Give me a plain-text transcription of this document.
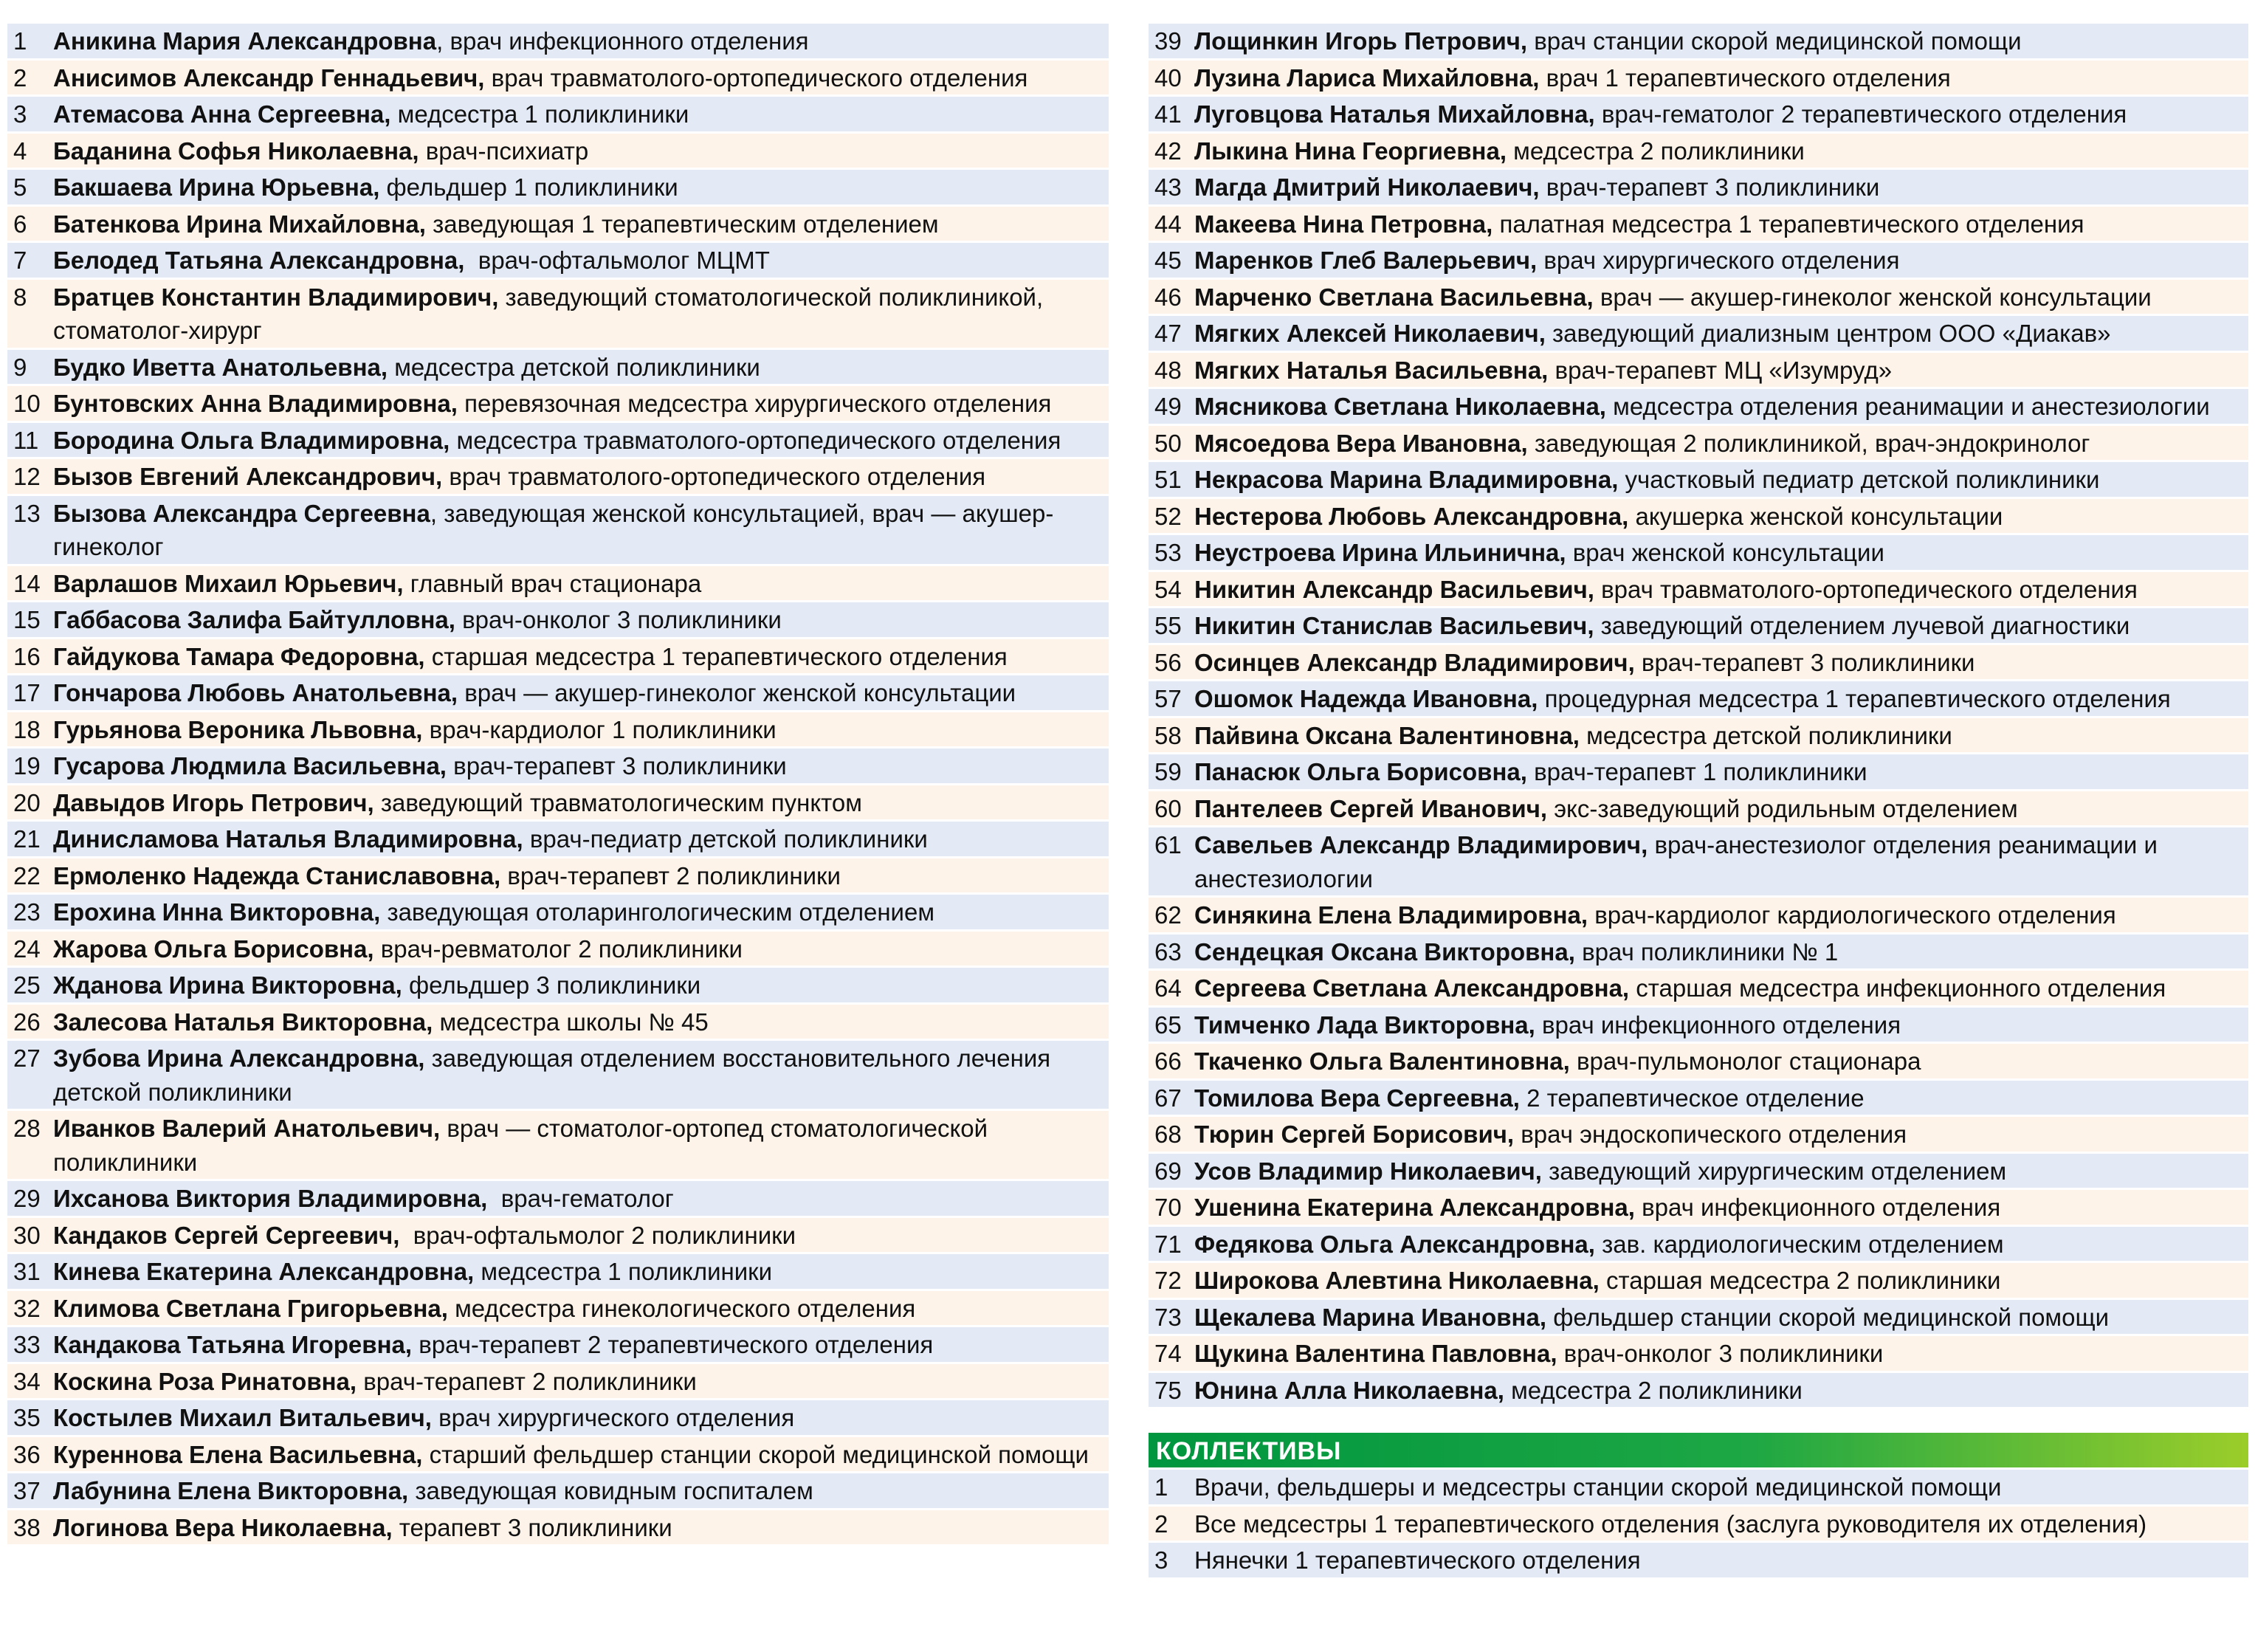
1	Аникина Мария Александровна, врач инфекционного отделения
2	Анисимов Александр Геннадьевич, врач травматолого-ортопедического отделения
3	Атемасова Анна Сергеевна, медсестра 1 поликлиники
4	Баданина Софья Николаевна, врач-психиатр
5	Бакшаева Ирина Юрьевна, фельдшер 1 поликлиники
6	Батенкова Ирина Михайловна, заведующая 1 терапевтическим отделением
7	Белодед Татьяна Александровна, врач-офтальмолог МЦМТ
8	Братцев Константин Владимирович, заведующий стоматологической поликлиникой, стоматолог-хирург
9	Будко Иветта Анатольевна, медсестра детской поликлиники
10 Бунтовских Анна Владимировна, перевязочная медсестра хирургического отделения
11 Бородина Ольга Владимировна, медсестра травматолого-ортопедического отделения
12 Бызов Евгений Александрович, врач травматолого-ортопедического отделения
13 Бызова Александра Сергеевна, заведующая женской консультацией, врач — акушер-гинеколог
14 Варлашов Михаил Юрьевич, главный врач стационара
15 Габбасова Залифа Байтулловна, врач-онколог 3 поликлиники
16 Гайдукова Тамара Федоровна, старшая медсестра 1 терапевтического отделения
17 Гончарова Любовь Анатольевна, врач — акушер-гинеколог женской консультации
18 Гурьянова Вероника Львовна, врач-кардиолог 1 поликлиники
19 Гусарова Людмила Васильевна, врач-терапевт 3 поликлиники
20 Давыдов Игорь Петрович, заведующий травматологическим пунктом
21 Динисламова Наталья Владимировна, врач-педиатр детской поликлиники
22 Ермоленко Надежда Станиславовна, врач-терапевт 2 поликлиники
23 Ерохина Инна Викторовна, заведующая отоларингологическим отделением
24 Жарова Ольга Борисовна, врач-ревматолог 2 поликлиники
25 Жданова Ирина Викторовна, фельдшер 3 поликлиники
26 Залесова Наталья Викторовна, медсестра школы № 45
27 Зубова Ирина Александровна, заведующая отделением восстановительного лечения детской поликлиники
28 Иванков Валерий Анатольевич, врач — стоматолог-ортопед стоматологической поликлиники
29 Ихсанова Виктория Владимировна, врач-гематолог
30 Кандаков Сергей Сергеевич, врач-офтальмолог 2 поликлиники
31 Кинева Екатерина Александровна, медсестра 1 поликлиники
32 Климова Светлана Григорьевна, медсестра гинекологического отделения
33 Кандакова Татьяна Игоревна, врач-терапевт 2 терапевтического отделения
34 Коскина Роза Ринатовна, врач-терапевт 2 поликлиники
35 Костылев Михаил Витальевич, врач хирургического отделения
36 Куреннова Елена Васильевна, старший фельдшер станции скорой медицинской помощи
37 Лабунина Елена Викторовна, заведующая ковидным госпиталем
38 Логинова Вера Николаевна, терапевт 3 поликлиники
39 Лощинкин Игорь Петрович, врач станции скорой медицинской помощи
40 Лузина Лариса Михайловна, врач 1 терапевтического отделения
41 Луговцова Наталья Михайловна, врач-гематолог 2 терапевтического отделения
42 Лыкина Нина Георгиевна, медсестра 2 поликлиники
43 Магда Дмитрий Николаевич, врач-терапевт 3 поликлиники
44 Макеева Нина Петровна, палатная медсестра 1 терапевтического отделения
45 Маренков Глеб Валерьевич, врач хирургического отделения
46 Марченко Светлана Васильевна, врач — акушер-гинеколог женской консультации
47 Мягких Алексей Николаевич, заведующий диализным центром ООО «Диакав»
48 Мягких Наталья Васильевна, врач-терапевт МЦ «Изумруд»
49 Мясникова Светлана Николаевна, медсестра отделения реанимации и анестезиологии
50 Мясоедова Вера Ивановна, заведующая 2 поликлиникой, врач-эндокринолог
51 Некрасова Марина Владимировна, участковый педиатр детской поликлиники
52 Нестерова Любовь Александровна, акушерка женской консультации
53 Неустроева Ирина Ильинична, врач женской консультации
54 Никитин Александр Васильевич, врач травматолого-ортопедического отделения
55 Никитин Станислав Васильевич, заведующий отделением лучевой диагностики
56 Осинцев Александр Владимирович, врач-терапевт 3 поликлиники
57 Ошомок Надежда Ивановна, процедурная медсестра 1 терапевтического отделения
58 Пайвина Оксана Валентиновна, медсестра детской поликлиники
59 Панасюк Ольга Борисовна, врач-терапевт 1 поликлиники
60 Пантелеев Сергей Иванович, экс-заведующий родильным отделением
61 Савельев Александр Владимирович, врач-анестезиолог отделения реанимации и анестезиологии
62 Синякина Елена Владимировна, врач-кардиолог кардиологического отделения
63 Сендецкая Оксана Викторовна, врач поликлиники № 1
64 Сергеева Светлана Александровна, старшая медсестра инфекционного отделения
65 Тимченко Лада Викторовна, врач инфекционного отделения
66 Ткаченко Ольга Валентиновна, врач-пульмонолог стационара
67 Томилова Вера Сергеевна, 2 терапевтическое отделение
68 Тюрин Сергей Борисович, врач эндоскопического отделения
69 Усов Владимир Николаевич, заведующий хирургическим отделением
70 Ушенина Екатерина Александровна, врач инфекционного отделения
71 Федякова Ольга Александровна, зав. кардиологическим отделением
72 Широкова Алевтина Николаевна, старшая медсестра 2 поликлиники
73 Щекалева Марина Ивановна, фельдшер станции скорой медицинской помощи
74 Щукина Валентина Павловна, врач-онколог 3 поликлиники
75 Юнина Алла Николаевна, медсестра 2 поликлиники
КОЛЛЕКТИВЫ
1	Врачи, фельдшеры и медсестры станции скорой медицинской помощи
2	Все медсестры 1 терапевтического отделения (заслуга руководителя их отделения)
3	Нянечки 1 терапевтического отделения
